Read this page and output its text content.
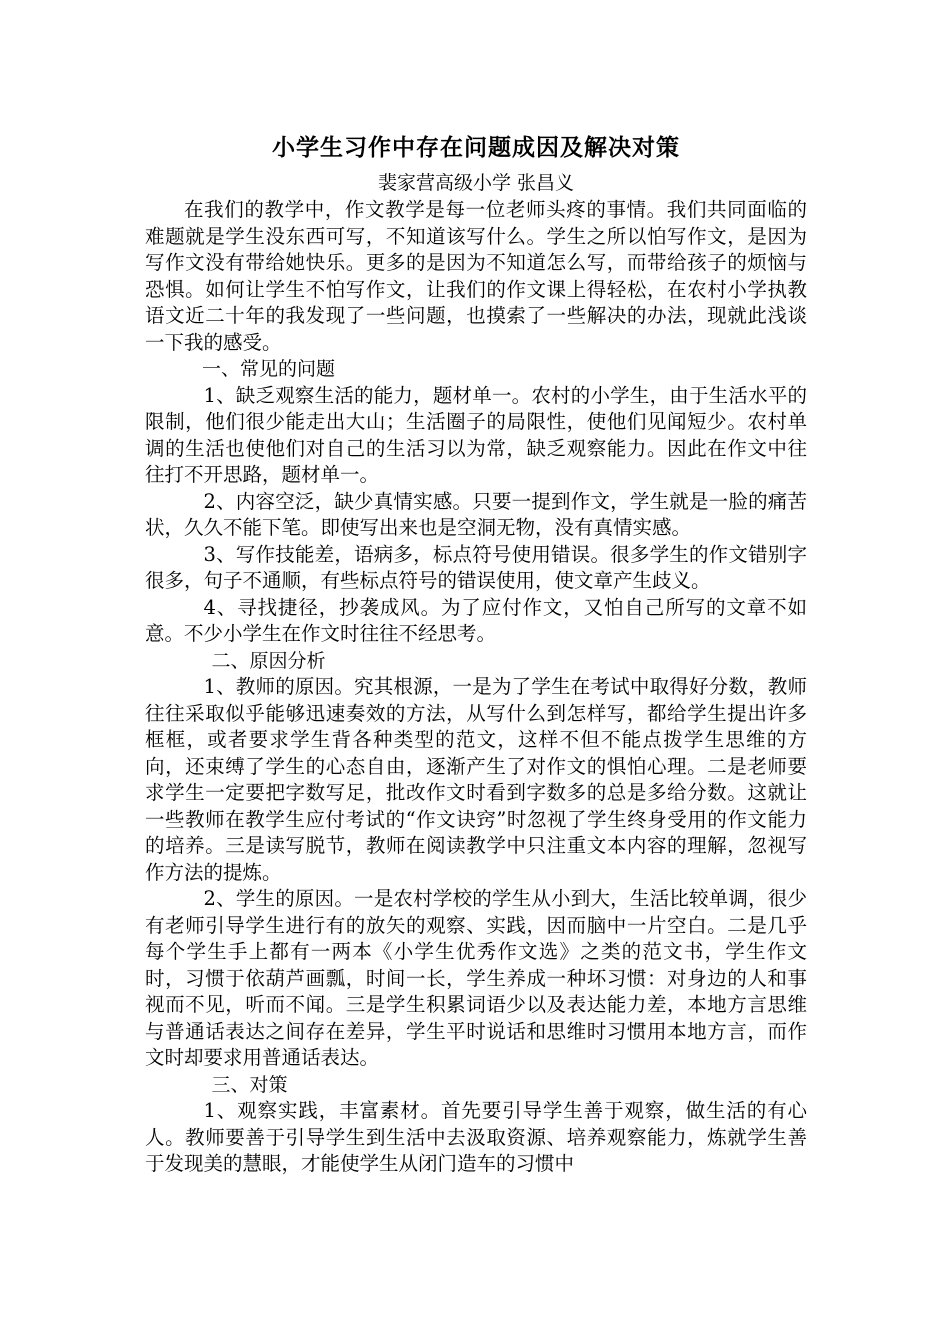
小学生习作中存在问题成因及解决对策

裴家营高级小学 张昌义

在我们的教学中，作文教学是每一位老师头疼的事情。我们共同面临的难题就是学生没东西可写，不知道该写什么。学生之所以怕写作文，是因为写作文没有带给她快乐。更多的是因为不知道怎么写，而带给孩子的烦恼与恐惧。如何让学生不怕写作文，让我们的作文课上得轻松，在农村小学执教语文近二十年的我发现了一些问题，也摸索了一些解决的办法，现就此浅谈一下我的感受。

一、常见的问题

1、缺乏观察生活的能力，题材单一。农村的小学生，由于生活水平的限制，他们很少能走出大山；生活圈子的局限性，使他们见闻短少。农村单调的生活也使他们对自己的生活习以为常，缺乏观察能力。因此在作文中往往打不开思路，题材单一。

2、内容空泛，缺少真情实感。只要一提到作文，学生就是一脸的痛苦状，久久不能下笔。即使写出来也是空洞无物，没有真情实感。

3、写作技能差，语病多，标点符号使用错误。很多学生的作文错别字很多，句子不通顺，有些标点符号的错误使用，使文章产生歧义。

4、寻找捷径，抄袭成风。为了应付作文，又怕自己所写的文章不如意。不少小学生在作文时往往不经思考。

二、原因分析

1、教师的原因。究其根源，一是为了学生在考试中取得好分数，教师往往采取似乎能够迅速奏效的方法，从写什么到怎样写，都给学生提出许多框框，或者要求学生背各种类型的范文，这样不但不能点拨学生思维的方向，还束缚了学生的心态自由，逐渐产生了对作文的惧怕心理。二是老师要求学生一定要把字数写足，批改作文时看到字数多的总是多给分数。这就让一些教师在教学生应付考试的“作文诀窍”时忽视了学生终身受用的作文能力的培养。三是读写脱节，教师在阅读教学中只注重文本内容的理解，忽视写作方法的提炼。

2、学生的原因。一是农村学校的学生从小到大，生活比较单调，很少有老师引导学生进行有的放矢的观察、实践，因而脑中一片空白。二是几乎每个学生手上都有一两本《小学生优秀作文选》之类的范文书，学生作文时，习惯于依葫芦画瓢，时间一长，学生养成一种坏习惯：对身边的人和事视而不见，听而不闻。三是学生积累词语少以及表达能力差，本地方言思维与普通话表达之间存在差异，学生平时说话和思维时习惯用本地方言，而作文时却要求用普通话表达。

三、对策

1、观察实践，丰富素材。首先要引导学生善于观察，做生活的有心人。教师要善于引导学生到生活中去汲取资源、培养观察能力，炼就学生善于发现美的慧眼，才能使学生从闭门造车的习惯中
